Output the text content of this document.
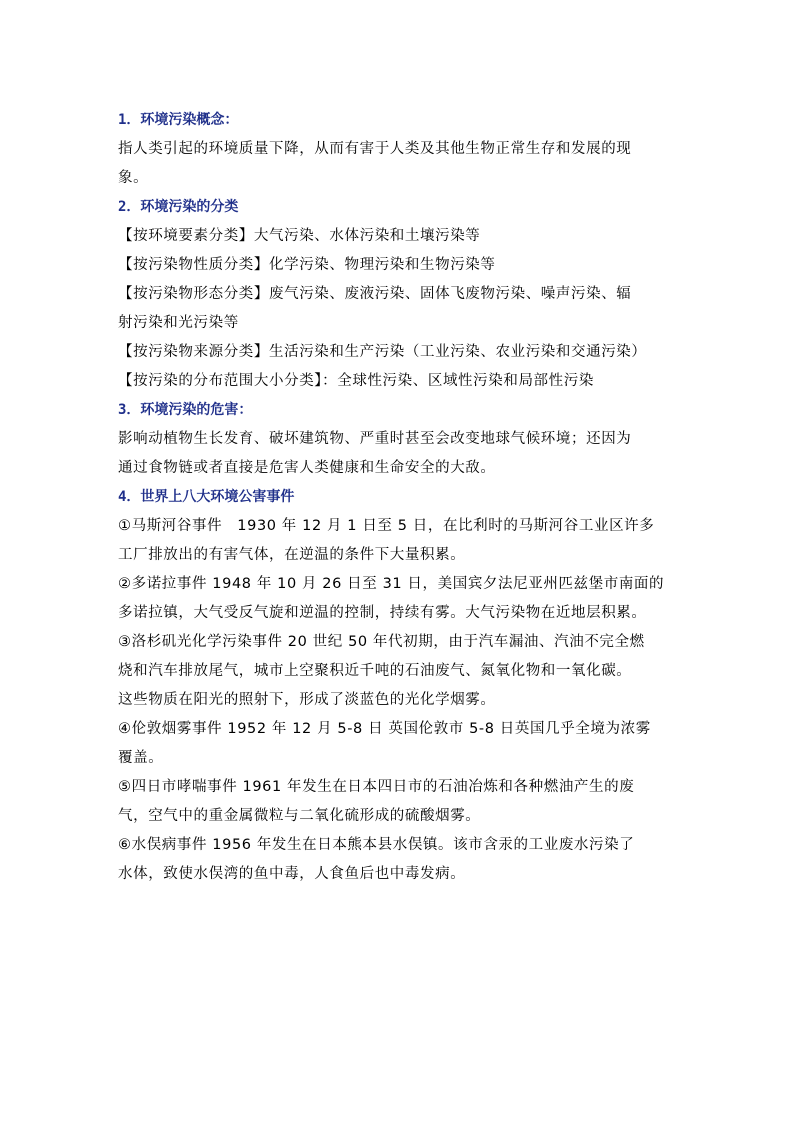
1．环境污染概念：
指人类引起的环境质量下降，从而有害于人类及其他生物正常生存和发展的现
象。
2．环境污染的分类
【按环境要素分类】大气污染、水体污染和土壤污染等
【按污染物性质分类】化学污染、物理污染和生物污染等
【按污染物形态分类】废气污染、废液污染、固体飞废物污染、噪声污染、辐
射污染和光污染等
【按污染物来源分类】生活污染和生产污染（工业污染、农业污染和交通污染）
【按污染的分布范围大小分类】：全球性污染、区域性污染和局部性污染
3．环境污染的危害：
影响动植物生长发育、破坏建筑物、严重时甚至会改变地球气候环境；还因为
通过食物链或者直接是危害人类健康和生命安全的大敌。
4．世界上八大环境公害事件
①马斯河谷事件　1930 年 12 月 1 日至 5 日，在比利时的马斯河谷工业区许多
工厂排放出的有害气体，在逆温的条件下大量积累。
②多诺拉事件 1948 年 10 月 26 日至 31 日，美国宾夕法尼亚州匹兹堡市南面的
多诺拉镇，大气受反气旋和逆温的控制，持续有雾。大气污染物在近地层积累。
③洛杉矶光化学污染事件 20 世纪 50 年代初期，由于汽车漏油、汽油不完全燃
烧和汽车排放尾气，城市上空聚积近千吨的石油废气、氮氧化物和一氧化碳。
这些物质在阳光的照射下，形成了淡蓝色的光化学烟雾。
④伦敦烟雾事件 1952 年 12 月 5-8 日 英国伦敦市 5-8 日英国几乎全境为浓雾
覆盖。
⑤四日市哮喘事件 1961 年发生在日本四日市的石油冶炼和各种燃油产生的废
气，空气中的重金属微粒与二氧化硫形成的硫酸烟雾。
⑥水俣病事件 1956 年发生在日本熊本县水俣镇。该市含汞的工业废水污染了
水体，致使水俣湾的鱼中毒，人食鱼后也中毒发病。
